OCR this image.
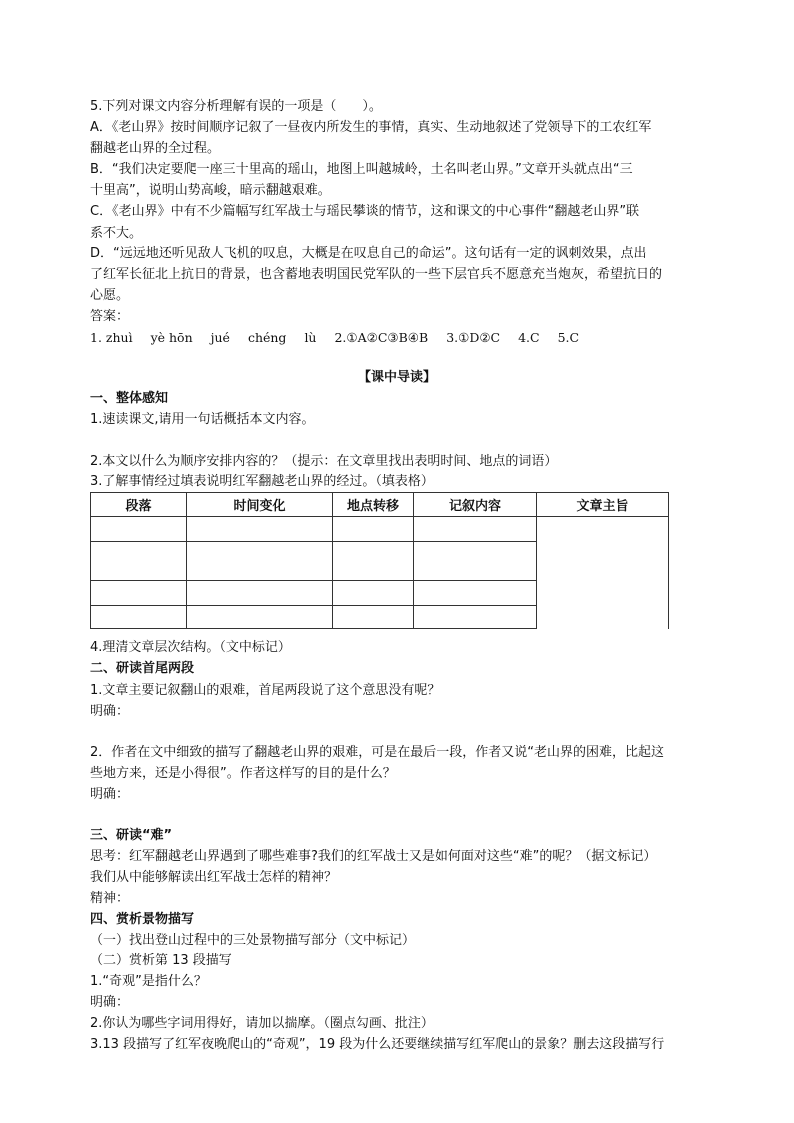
5.下列对课文内容分析理解有误的一项是（　　）。
A．《老山界》按时间顺序记叙了一昼夜内所发生的事情，真实、生动地叙述了党领导下的工农红军
翻越老山界的全过程。
B．“我们决定要爬一座三十里高的瑶山，地图上叫越城岭，土名叫老山界。”文章开头就点出“三
十里高”，说明山势高峻，暗示翻越艰难。
C．《老山界》中有不少篇幅写红军战士与瑶民攀谈的情节，这和课文的中心事件“翻越老山界”联
系不大。
D．“远远地还听见敌人飞机的叹息，大概是在叹息自己的命运”。这句话有一定的讽刺效果，点出
了红军长征北上抗日的背景，也含蓄地表明国民党军队的一些下层官兵不愿意充当炮灰，希望抗日的
心愿。
答案：
1. zhuì yè hōn jué chéng lù 2.①A②C③B④B 3.①D②C 4.C 5.C
【课中导读】
一、整体感知
1.速读课文,请用一句话概括本文内容。
2.本文以什么为顺序安排内容的？（提示：在文章里找出表明时间、地点的词语）
3.了解事情经过填表说明红军翻越老山界的经过。（填表格）
段落	时间变化	地点转移	记叙内容	文章主旨

4.理清文章层次结构。（文中标记）
二、研读首尾两段
1.文章主要记叙翻山的艰难，首尾两段说了这个意思没有呢？
明确：
2．作者在文中细致的描写了翻越老山界的艰难，可是在最后一段，作者又说“老山界的困难，比起这
些地方来，还是小得很”。作者这样写的目的是什么？
明确：
三、研读“难”
思考：红军翻越老山界遇到了哪些难事?我们的红军战士又是如何面对这些“难”的呢？（据文标记）
我们从中能够解读出红军战士怎样的精神？
精神：
四、赏析景物描写
（一）找出登山过程中的三处景物描写部分（文中标记）
（二）赏析第 13 段描写
1.“奇观”是指什么？
明确：
2.你认为哪些字词用得好，请加以揣摩。（圈点勾画、批注）
3.13 段描写了红军夜晚爬山的“奇观”，19 段为什么还要继续描写红军爬山的景象？删去这段描写行
